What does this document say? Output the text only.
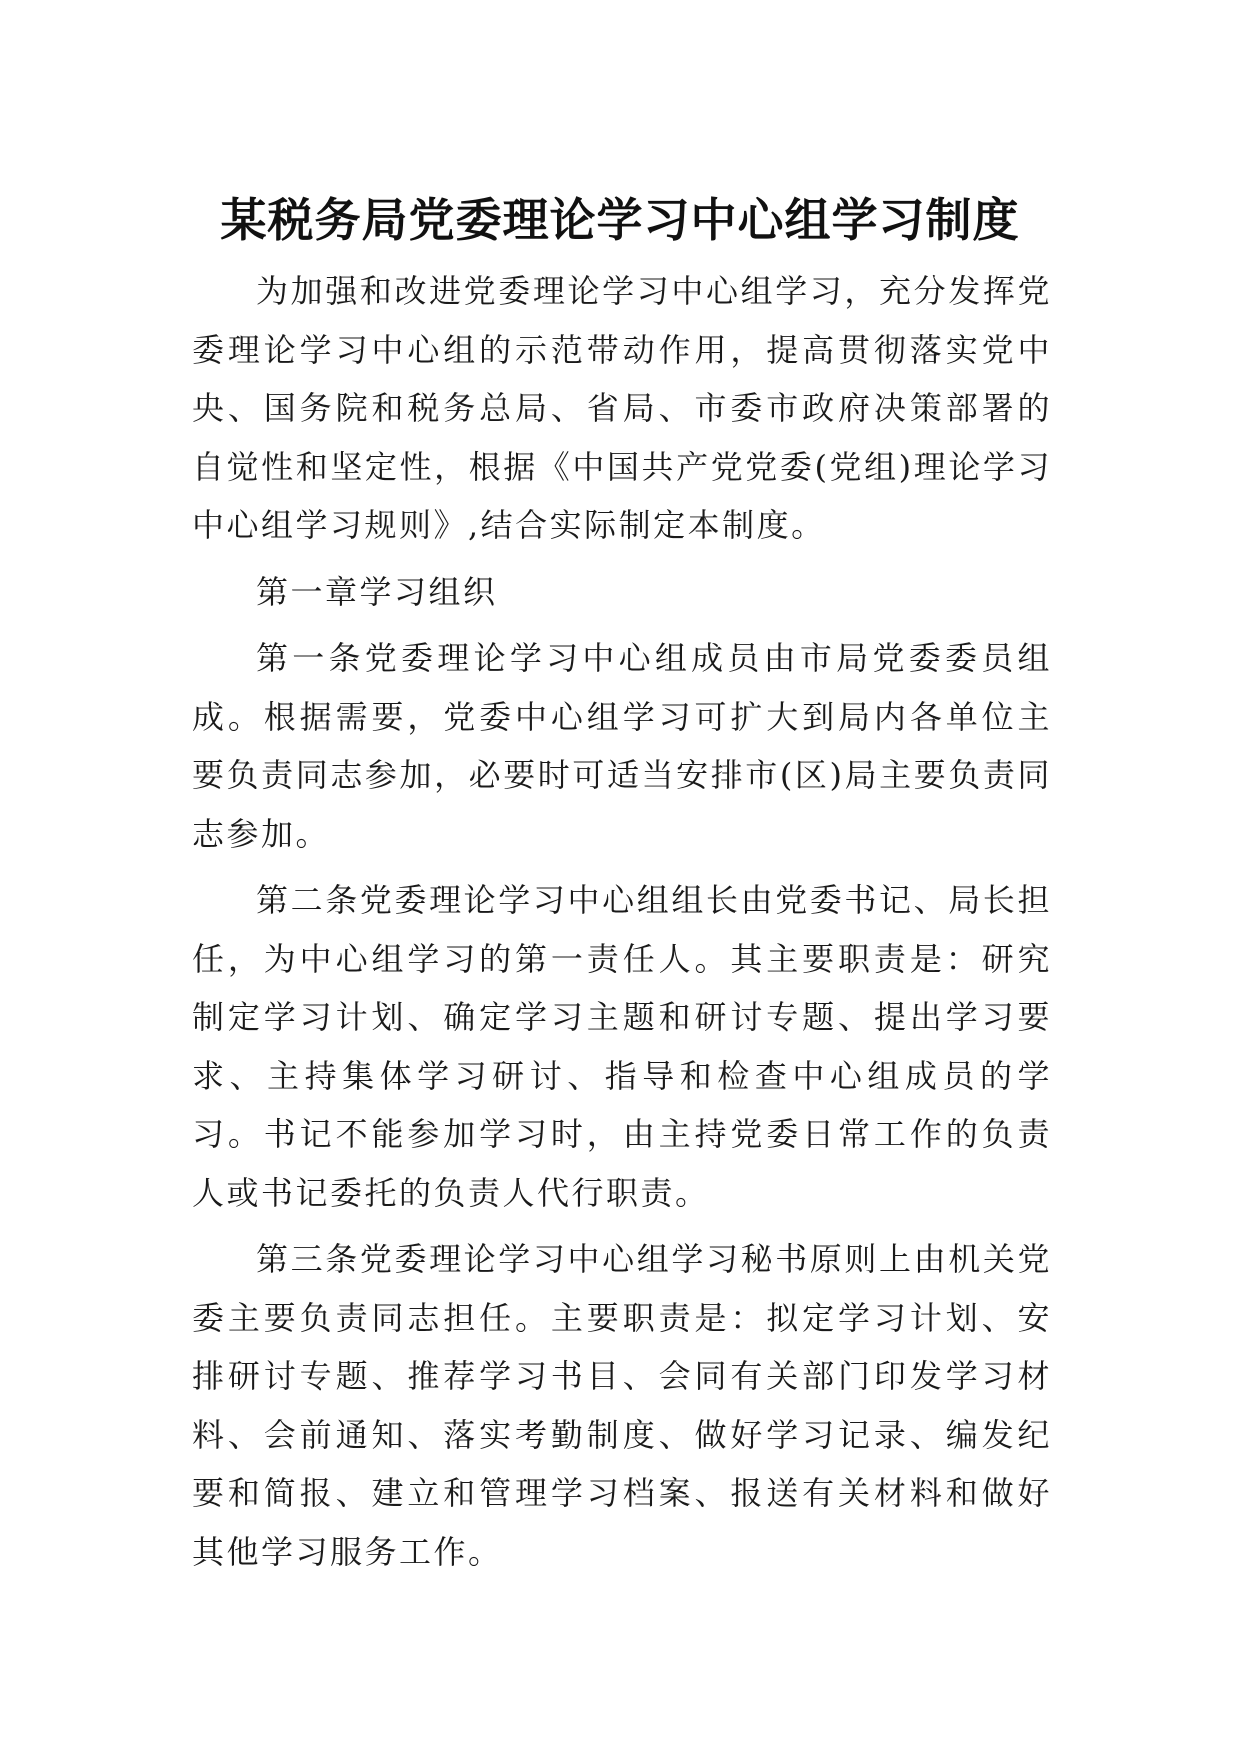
某税务局党委理论学习中心组学习制度

为加强和改进党委理论学习中心组学习，充分发挥党委理论学习中心组的示范带动作用，提高贯彻落实党中央、国务院和税务总局、省局、市委市政府决策部署的自觉性和坚定性，根据《中国共产党党委(党组)理论学习中心组学习规则》,结合实际制定本制度。

第一章学习组织

第一条党委理论学习中心组成员由市局党委委员组成。根据需要，党委中心组学习可扩大到局内各单位主要负责同志参加，必要时可适当安排市(区)局主要负责同志参加。

第二条党委理论学习中心组组长由党委书记、局长担任，为中心组学习的第一责任人。其主要职责是：研究制定学习计划、确定学习主题和研讨专题、提出学习要求、主持集体学习研讨、指导和检查中心组成员的学习。书记不能参加学习时，由主持党委日常工作的负责人或书记委托的负责人代行职责。

第三条党委理论学习中心组学习秘书原则上由机关党委主要负责同志担任。主要职责是：拟定学习计划、安排研讨专题、推荐学习书目、会同有关部门印发学习材料、会前通知、落实考勤制度、做好学习记录、编发纪要和简报、建立和管理学习档案、报送有关材料和做好其他学习服务工作。
